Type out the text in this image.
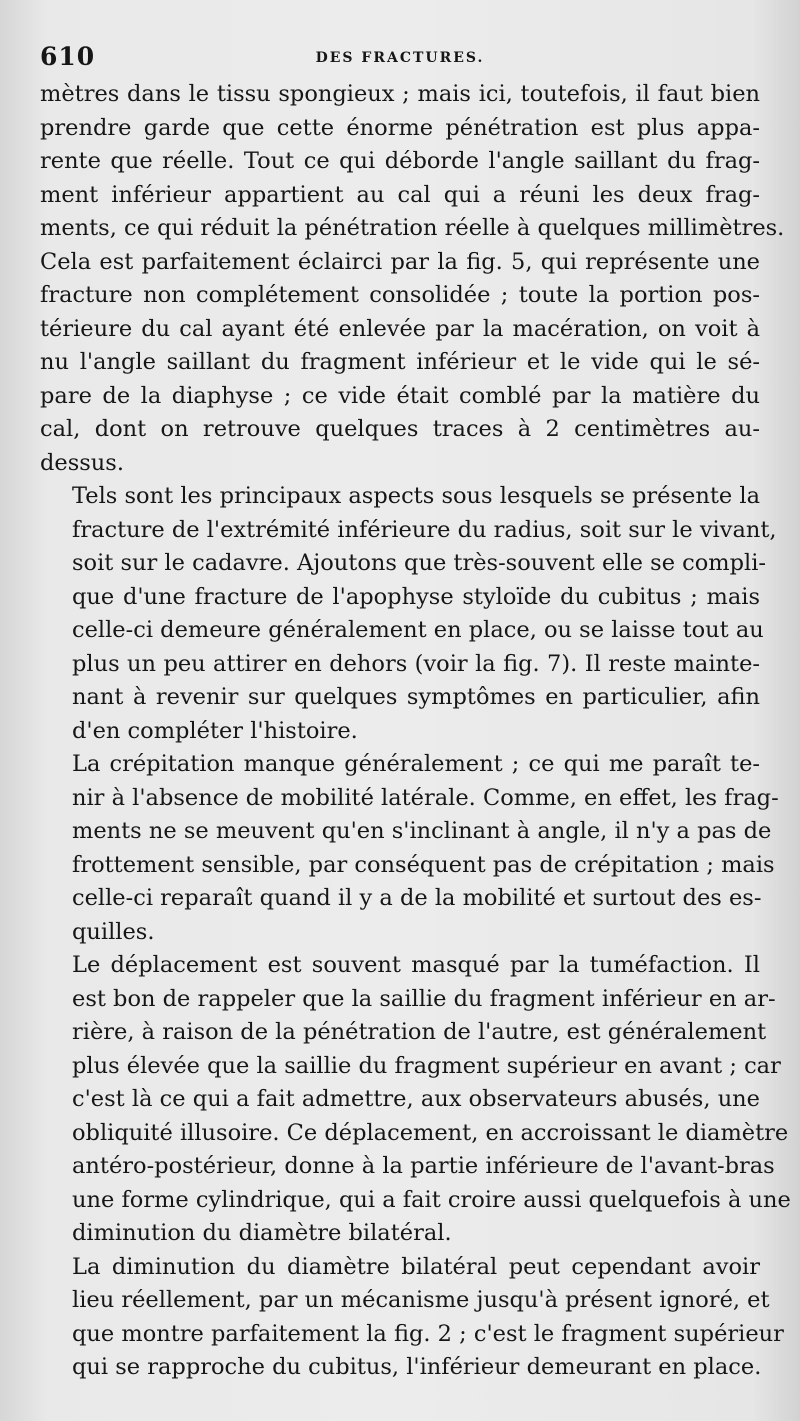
610	DES FRACTURES.

mètres dans le tissu spongieux ; mais ici, toutefois, il faut bien
prendre garde que cette énorme pénétration est plus appa-
rente que réelle. Tout ce qui déborde l'angle saillant du frag-
ment inférieur appartient au cal qui a réuni les deux frag-
ments, ce qui réduit la pénétration réelle à quelques millimètres.
Cela est parfaitement éclairci par la fig. 5, qui représente une
fracture non complétement consolidée ; toute la portion pos-
térieure du cal ayant été enlevée par la macération, on voit à
nu l'angle saillant du fragment inférieur et le vide qui le sé-
pare de la diaphyse ; ce vide était comblé par la matière du
cal, dont on retrouve quelques traces à 2 centimètres au-
dessus.

Tels sont les principaux aspects sous lesquels se présente la
fracture de l'extrémité inférieure du radius, soit sur le vivant,
soit sur le cadavre. Ajoutons que très-souvent elle se compli-
que d'une fracture de l'apophyse styloïde du cubitus ; mais
celle-ci demeure généralement en place, ou se laisse tout au
plus un peu attirer en dehors (voir la fig. 7). Il reste mainte-
nant à revenir sur quelques symptômes en particulier, afin
d'en compléter l'histoire.

La crépitation manque généralement ; ce qui me paraît te-
nir à l'absence de mobilité latérale. Comme, en effet, les frag-
ments ne se meuvent qu'en s'inclinant à angle, il n'y a pas de
frottement sensible, par conséquent pas de crépitation ; mais
celle-ci reparaît quand il y a de la mobilité et surtout des es-
quilles.

Le déplacement est souvent masqué par la tuméfaction. Il
est bon de rappeler que la saillie du fragment inférieur en ar-
rière, à raison de la pénétration de l'autre, est généralement
plus élevée que la saillie du fragment supérieur en avant ; car
c'est là ce qui a fait admettre, aux observateurs abusés, une
obliquité illusoire. Ce déplacement, en accroissant le diamètre
antéro-postérieur, donne à la partie inférieure de l'avant-bras
une forme cylindrique, qui a fait croire aussi quelquefois à une
diminution du diamètre bilatéral.

La diminution du diamètre bilatéral peut cependant avoir
lieu réellement, par un mécanisme jusqu'à présent ignoré, et
que montre parfaitement la fig. 2 ; c'est le fragment supérieur
qui se rapproche du cubitus, l'inférieur demeurant en place.
